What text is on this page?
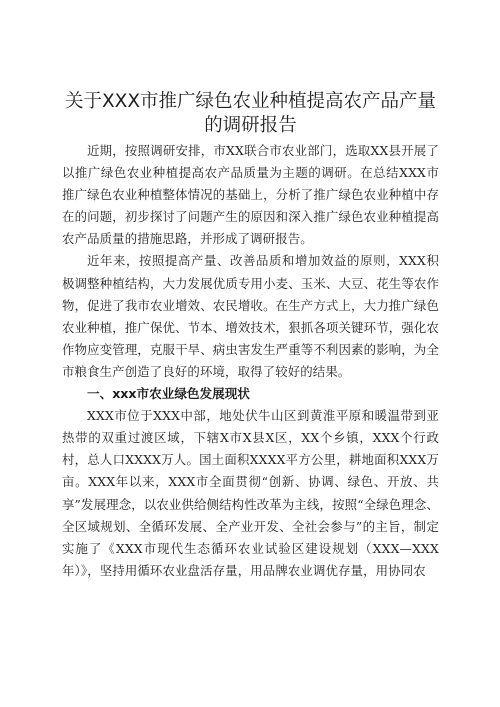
关于XXX市推广绿色农业种植提高农产品产量
的调研报告

近期，按照调研安排，市XX联合市农业部门，选取XX县开展了以推广绿色农业种植提高农产品质量为主题的调研。在总结XXX市推广绿色农业种植整体情况的基础上，分析了推广绿色农业种植中存在的问题，初步探讨了问题产生的原因和深入推广绿色农业种植提高农产品质量的措施思路，并形成了调研报告。

近年来，按照提高产量、改善品质和增加效益的原则，XXX积极调整种植结构，大力发展优质专用小麦、玉米、大豆、花生等农作物，促进了我市农业增效、农民增收。在生产方式上，大力推广绿色农业种植，推广保优、节本、增效技术，狠抓各项关键环节，强化农作物应变管理，克服干旱、病虫害发生严重等不利因素的影响，为全市粮食生产创造了良好的环境，取得了较好的结果。

一、xxx市农业绿色发展现状

XXX市位于XXX中部，地处伏牛山区到黄淮平原和暖温带到亚热带的双重过渡区域，下辖X市X县X区，XX个乡镇，XXX个行政村，总人口XXXX万人。国土面积XXXX平方公里，耕地面积XXX万亩。XXX年以来，XXX市全面贯彻“创新、协调、绿色、开放、共享”发展理念，以农业供给侧结构性改革为主线，按照“全绿色理念、全区域规划、全循环发展、全产业开发、全社会参与”的主旨，制定实施了《XXX市现代生态循环农业试验区建设规划（XXX—XXX年）》，坚持用循环农业盘活存量，用品牌农业调优存量，用协同农
